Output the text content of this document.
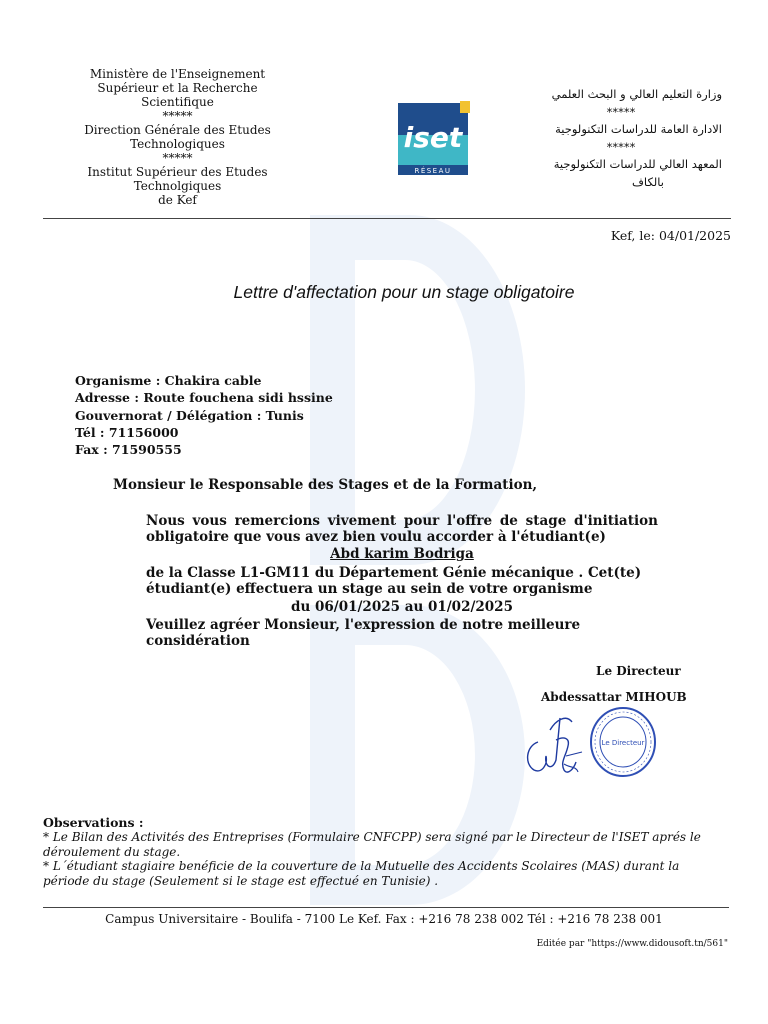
Ministère de l'Enseignement
Supérieur et la Recherche
Scientifique
*****
Direction Générale des Etudes
Technologiques
*****
Institut Supérieur des Etudes
Technolgiques
de Kef
iset
RÉSEAU
وزارة التعليم العالي و البحث العلمي
*****
الادارة العامة للدراسات التكنولوجية
*****
المعهد العالي للدراسات التكنولوجية
بالكاف
Kef, le: 04/01/2025
Lettre d'affectation pour un stage obligatoire
Organisme : Chakira cable
Adresse : Route fouchena sidi hssine
Gouvernorat / Délégation : Tunis
Tél : 71156000
Fax : 71590555
Monsieur le Responsable des Stages et de la Formation,
Nous vous remercions vivement pour l'offre de stage d'initiation obligatoire que vous avez bien voulu accorder à l'étudiant(e)
Abd karim Bodriga
de la Classe L1-GM11 du Département Génie mécanique . Cet(te) étudiant(e) effectuera un stage au sein de votre organisme
du 06/01/2025 au 01/02/2025
Veuillez agréer Monsieur, l'expression de notre meilleure considération
Le Directeur
Abdessattar MIHOUB
Le Directeur
Observations :
* Le Bilan des Activités des Entreprises (Formulaire CNFCPP) sera signé par le Directeur de l'ISET aprés le déroulement du stage.
* L´étudiant stagiaire benéficie de la couverture de la Mutuelle des Accidents Scolaires (MAS) durant la période du stage (Seulement si le stage est effectué en Tunisie) .
Campus Universitaire - Boulifa - 7100 Le Kef. Fax : +216 78 238 002 Tél : +216 78 238 001
Editée par "https://www.didousoft.tn/561"
